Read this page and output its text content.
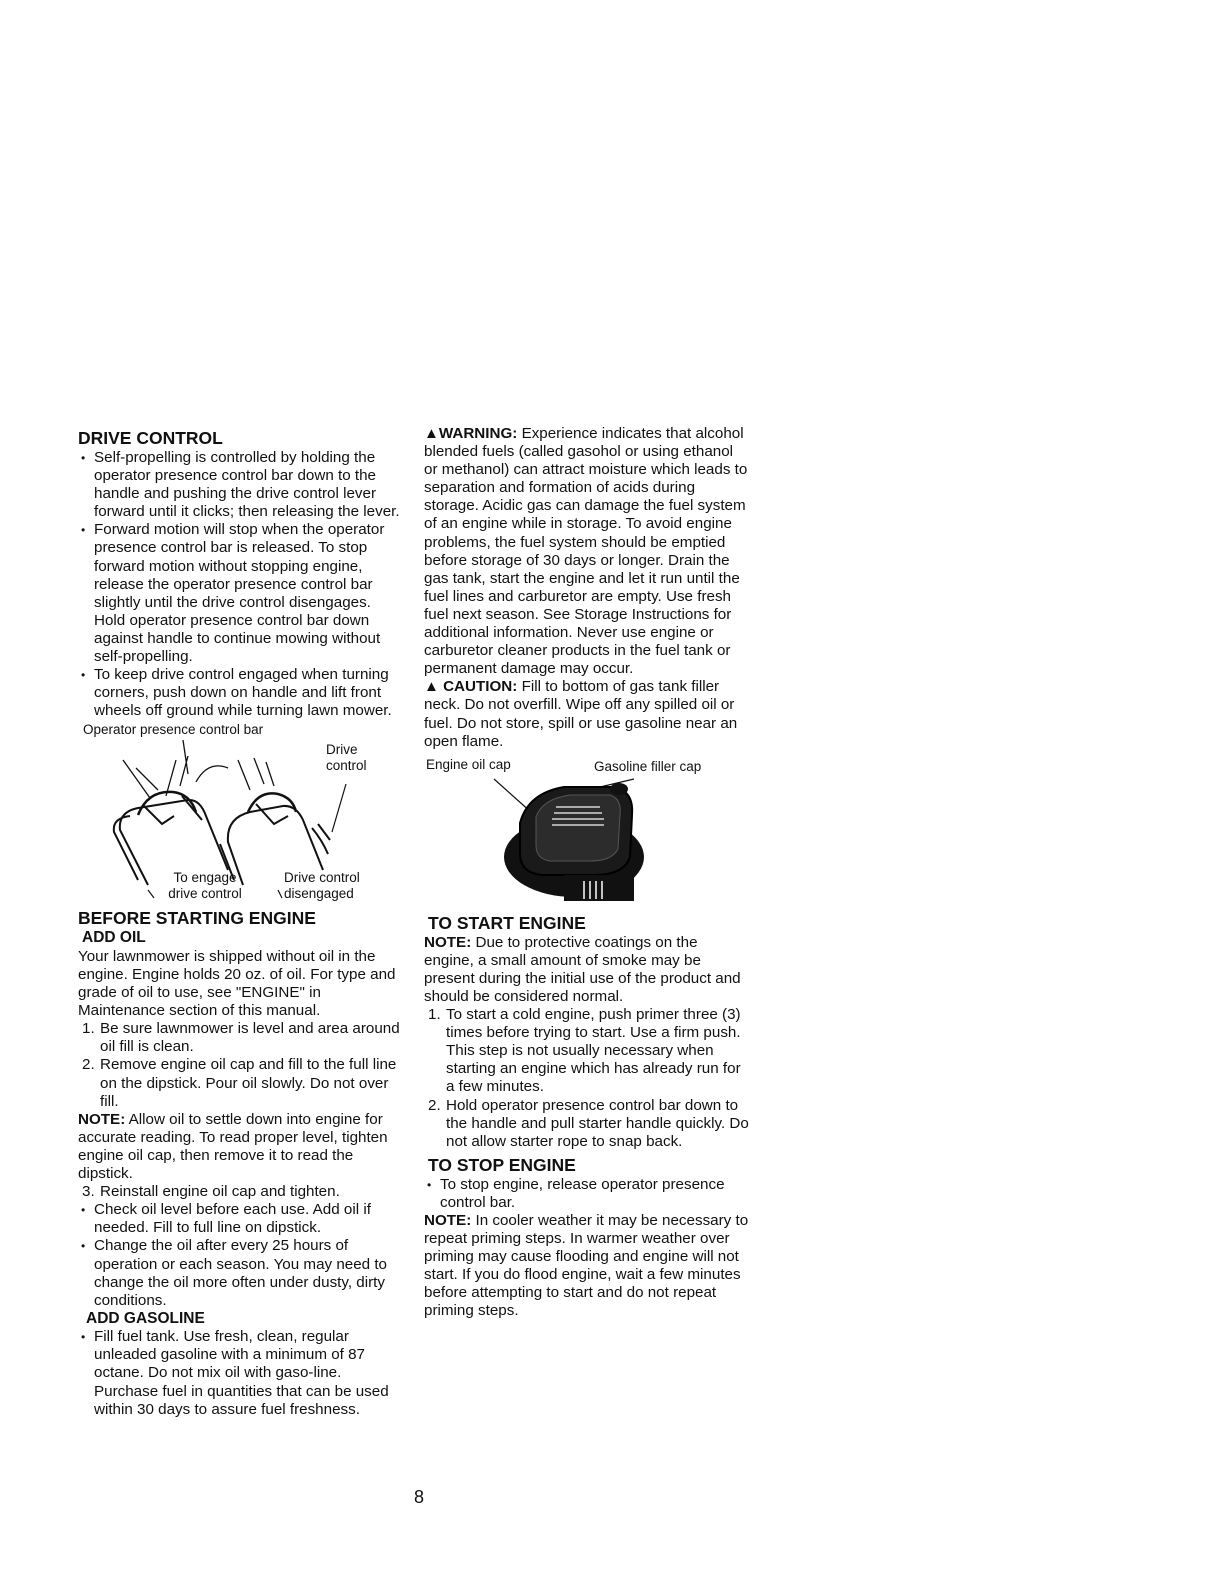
DRIVE CONTROL
• Self-propelling is controlled by holding the operator presence control bar down to the handle and pushing the drive control lever forward until it clicks; then releasing the lever.
• Forward motion will stop when the operator presence control bar is released. To stop forward motion without stopping engine, release the operator presence control bar slightly until the drive control disengages. Hold operator presence control bar down against handle to continue mowing without self-propelling.
• To keep drive control engaged when turning corners, push down on handle and lift front wheels off ground while turning lawn mower.
Operator presence control bar
Drive control
To engage drive control
Drive control disengaged
BEFORE STARTING ENGINE
ADD OIL

Your lawnmower is shipped without oil in the engine. Engine holds 20 oz. of oil. For type and grade of oil to use, see "ENGINE" in Maintenance section of this manual.

1. Be sure lawnmower is level and area around oil fill is clean.
2. Remove engine oil cap and fill to the full line on the dipstick. Pour oil slowly. Do not over fill.

NOTE: Allow oil to settle down into engine for accurate reading. To read proper level, tighten engine oil cap, then remove it to read the dipstick.

3. Reinstall engine oil cap and tighten.
• Check oil level before each use. Add oil if needed. Fill to full line on dipstick.
• Change the oil after every 25 hours of operation or each season. You may need to change the oil more often under dusty, dirty conditions.
ADD GASOLINE
• Fill fuel tank. Use fresh, clean, regular unleaded gasoline with a minimum of 87 octane. Do not mix oil with gaso-line. Purchase fuel in quantities that can be used within 30 days to assure fuel freshness.

▲WARNING: Experience indicates that alcohol blended fuels (called gasohol or using ethanol or methanol) can attract moisture which leads to separation and formation of acids during storage. Acidic gas can damage the fuel system of an engine while in storage. To avoid engine problems, the fuel system should be emptied before storage of 30 days or longer. Drain the gas tank, start the engine and let it run until the fuel lines and carburetor are empty. Use fresh fuel next season. See Storage Instructions for additional information. Never use engine or carburetor cleaner products in the fuel tank or permanent damage may occur.

▲ CAUTION: Fill to bottom of gas tank filler neck. Do not overfill. Wipe off any spilled oil or fuel. Do not store, spill or use gasoline near an open flame.

Engine oil cap	Gasoline filler cap
TO START ENGINE

NOTE: Due to protective coatings on the engine, a small amount of smoke may be present during the initial use of the product and should be considered normal.

1. To start a cold engine, push primer three (3) times before trying to start. Use a firm push. This step is not usually necessary when starting an engine which has already run for a few minutes.
2. Hold operator presence control bar down to the handle and pull starter handle quickly. Do not allow starter rope to snap back.
TO STOP ENGINE
• To stop engine, release operator presence control bar.

NOTE: In cooler weather it may be necessary to repeat priming steps. In warmer weather over priming may cause flooding and engine will not start. If you do flood engine, wait a few minutes before attempting to start and do not repeat priming steps.

8
